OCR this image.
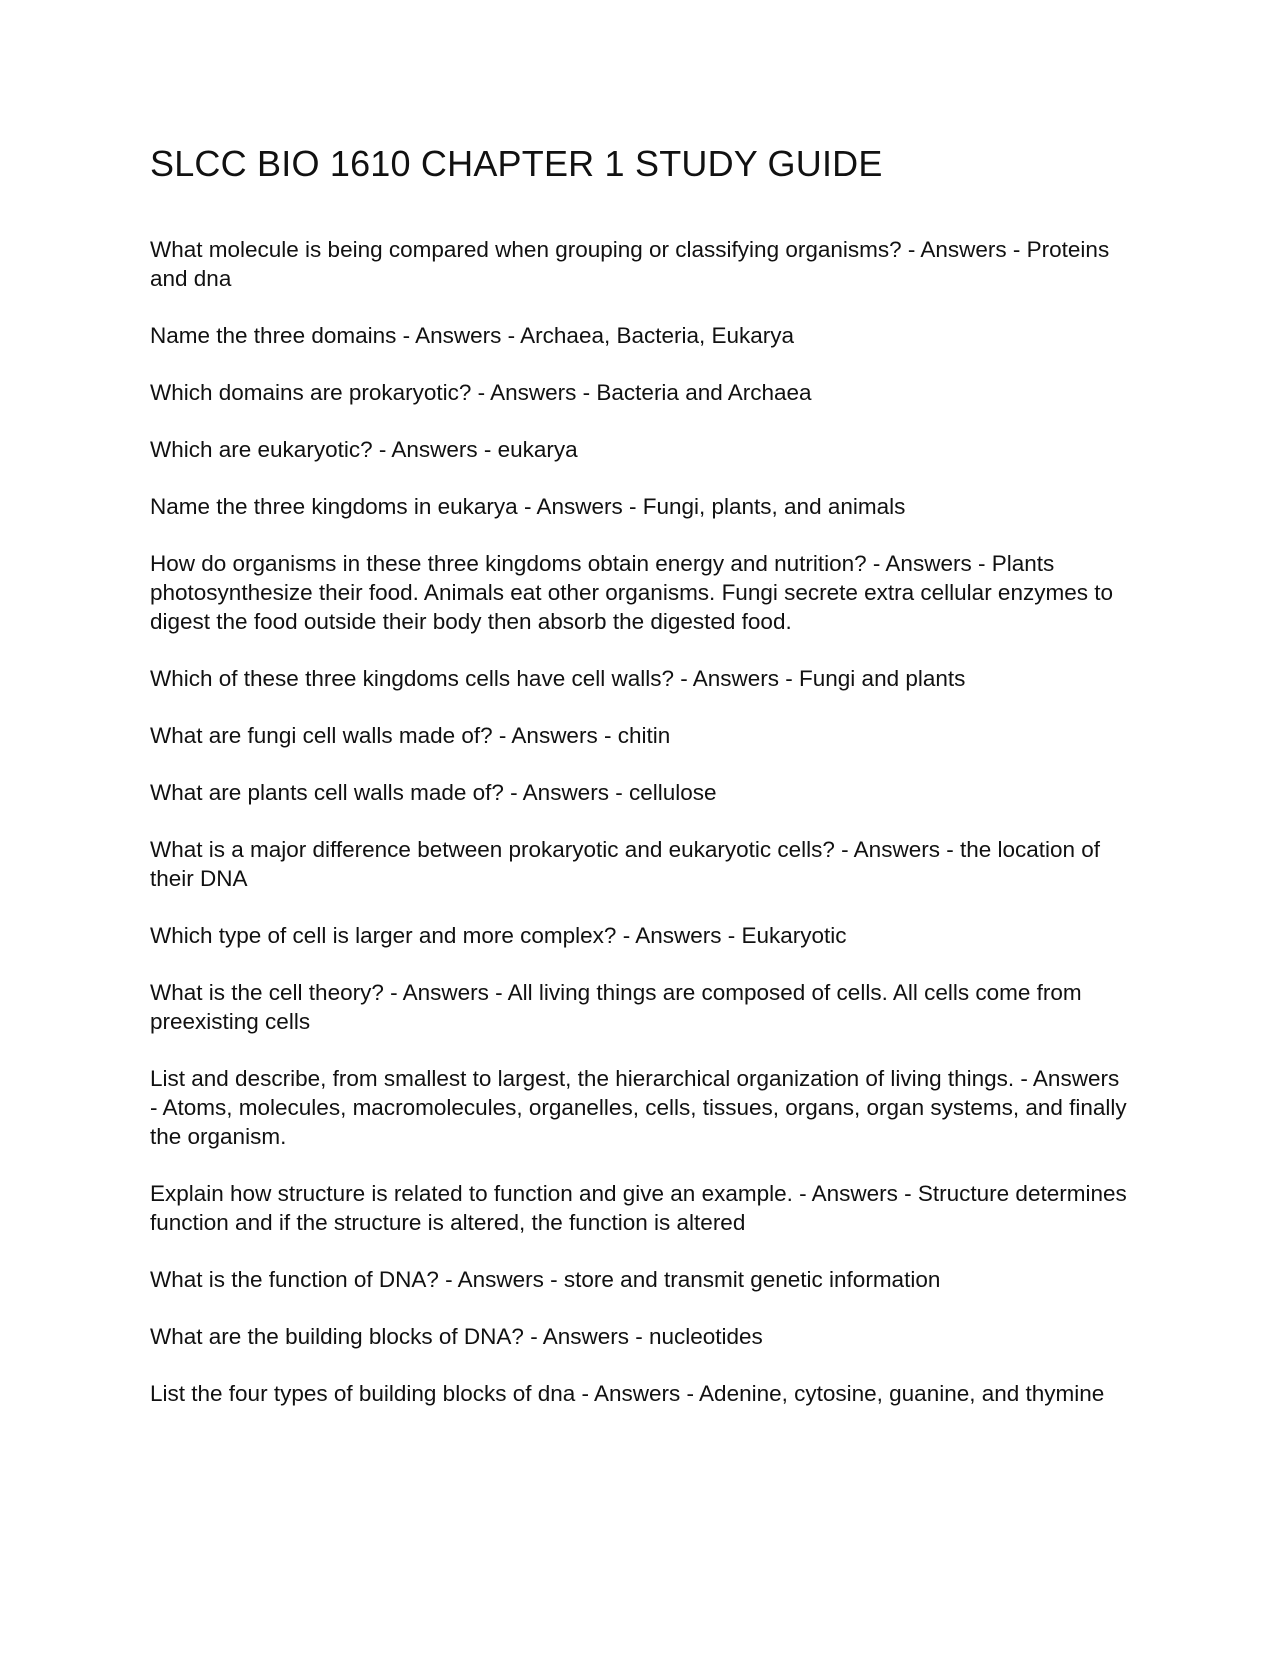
SLCC BIO 1610 CHAPTER 1 STUDY GUIDE

What molecule is being compared when grouping or classifying organisms? - Answers - Proteins and dna

Name the three domains - Answers - Archaea, Bacteria, Eukarya

Which domains are prokaryotic? - Answers - Bacteria and Archaea

Which are eukaryotic? - Answers - eukarya

Name the three kingdoms in eukarya - Answers - Fungi, plants, and animals

How do organisms in these three kingdoms obtain energy and nutrition? - Answers - Plants photosynthesize their food. Animals eat other organisms. Fungi secrete extra cellular enzymes to digest the food outside their body then absorb the digested food.

Which of these three kingdoms cells have cell walls? - Answers - Fungi and plants

What are fungi cell walls made of? - Answers - chitin

What are plants cell walls made of? - Answers - cellulose

What is a major difference between prokaryotic and eukaryotic cells? - Answers - the location of their DNA

Which type of cell is larger and more complex? - Answers - Eukaryotic

What is the cell theory? - Answers - All living things are composed of cells. All cells come from preexisting cells

List and describe, from smallest to largest, the hierarchical organization of living things. - Answers - Atoms, molecules, macromolecules, organelles, cells, tissues, organs, organ systems, and finally the organism.

Explain how structure is related to function and give an example. - Answers - Structure determines function and if the structure is altered, the function is altered

What is the function of DNA? - Answers - store and transmit genetic information

What are the building blocks of DNA? - Answers - nucleotides

List the four types of building blocks of dna - Answers - Adenine, cytosine, guanine, and thymine
